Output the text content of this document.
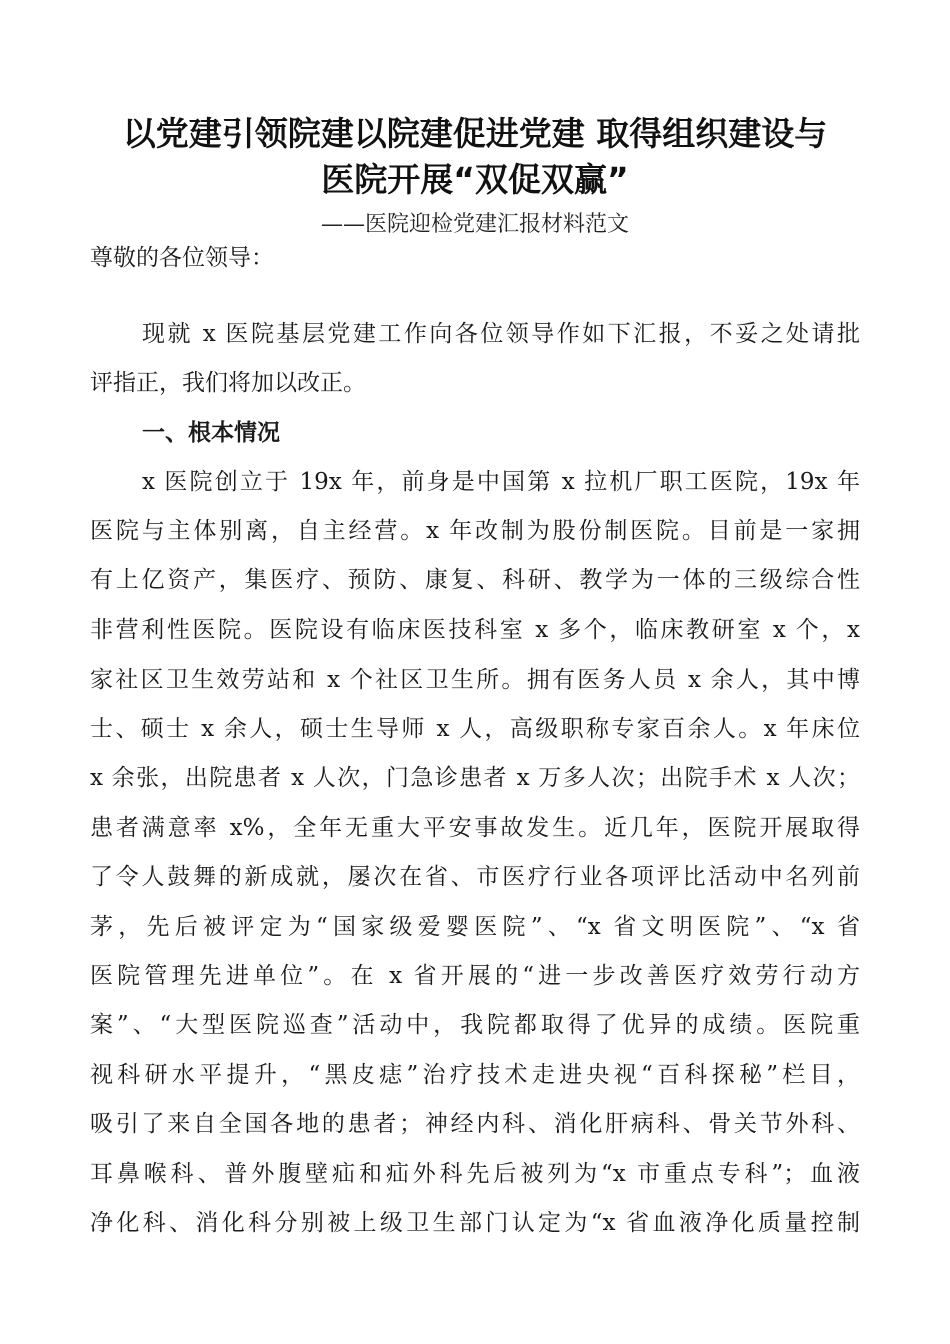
以党建引领院建以院建促进党建 取得组织建设与
医院开展“双促双赢”
——医院迎检党建汇报材料范文
尊敬的各位领导：
现就 x 医院基层党建工作向各位领导作如下汇报，不妥之处请批
评指正，我们将加以改正。
一、根本情况
x 医院创立于 19x 年，前身是中国第 x 拉机厂职工医院，19x 年
医院与主体别离，自主经营。x 年改制为股份制医院。目前是一家拥
有上亿资产，集医疗、预防、康复、科研、教学为一体的三级综合性
非营利性医院。医院设有临床医技科室 x 多个，临床教研室 x 个，x
家社区卫生效劳站和 x 个社区卫生所。拥有医务人员 x 余人，其中博
士、硕士 x 余人，硕士生导师 x 人，高级职称专家百余人。x 年床位
x 余张，出院患者 x 人次，门急诊患者 x 万多人次；出院手术 x 人次；
患者满意率 x%，全年无重大平安事故发生。近几年，医院开展取得
了令人鼓舞的新成就，屡次在省、市医疗行业各项评比活动中名列前
茅，先后被评定为“国家级爱婴医院”、“x 省文明医院”、“x 省
医院管理先进单位”。在 x 省开展的“进一步改善医疗效劳行动方
案”、“大型医院巡查”活动中，我院都取得了优异的成绩。医院重
视科研水平提升，“黑皮痣”治疗技术走进央视“百科探秘”栏目，
吸引了来自全国各地的患者；神经内科、消化肝病科、骨关节外科、
耳鼻喉科、普外腹壁疝和疝外科先后被列为“x 市重点专科”；血液
净化科、消化科分别被上级卫生部门认定为“x 省血液净化质量控制
